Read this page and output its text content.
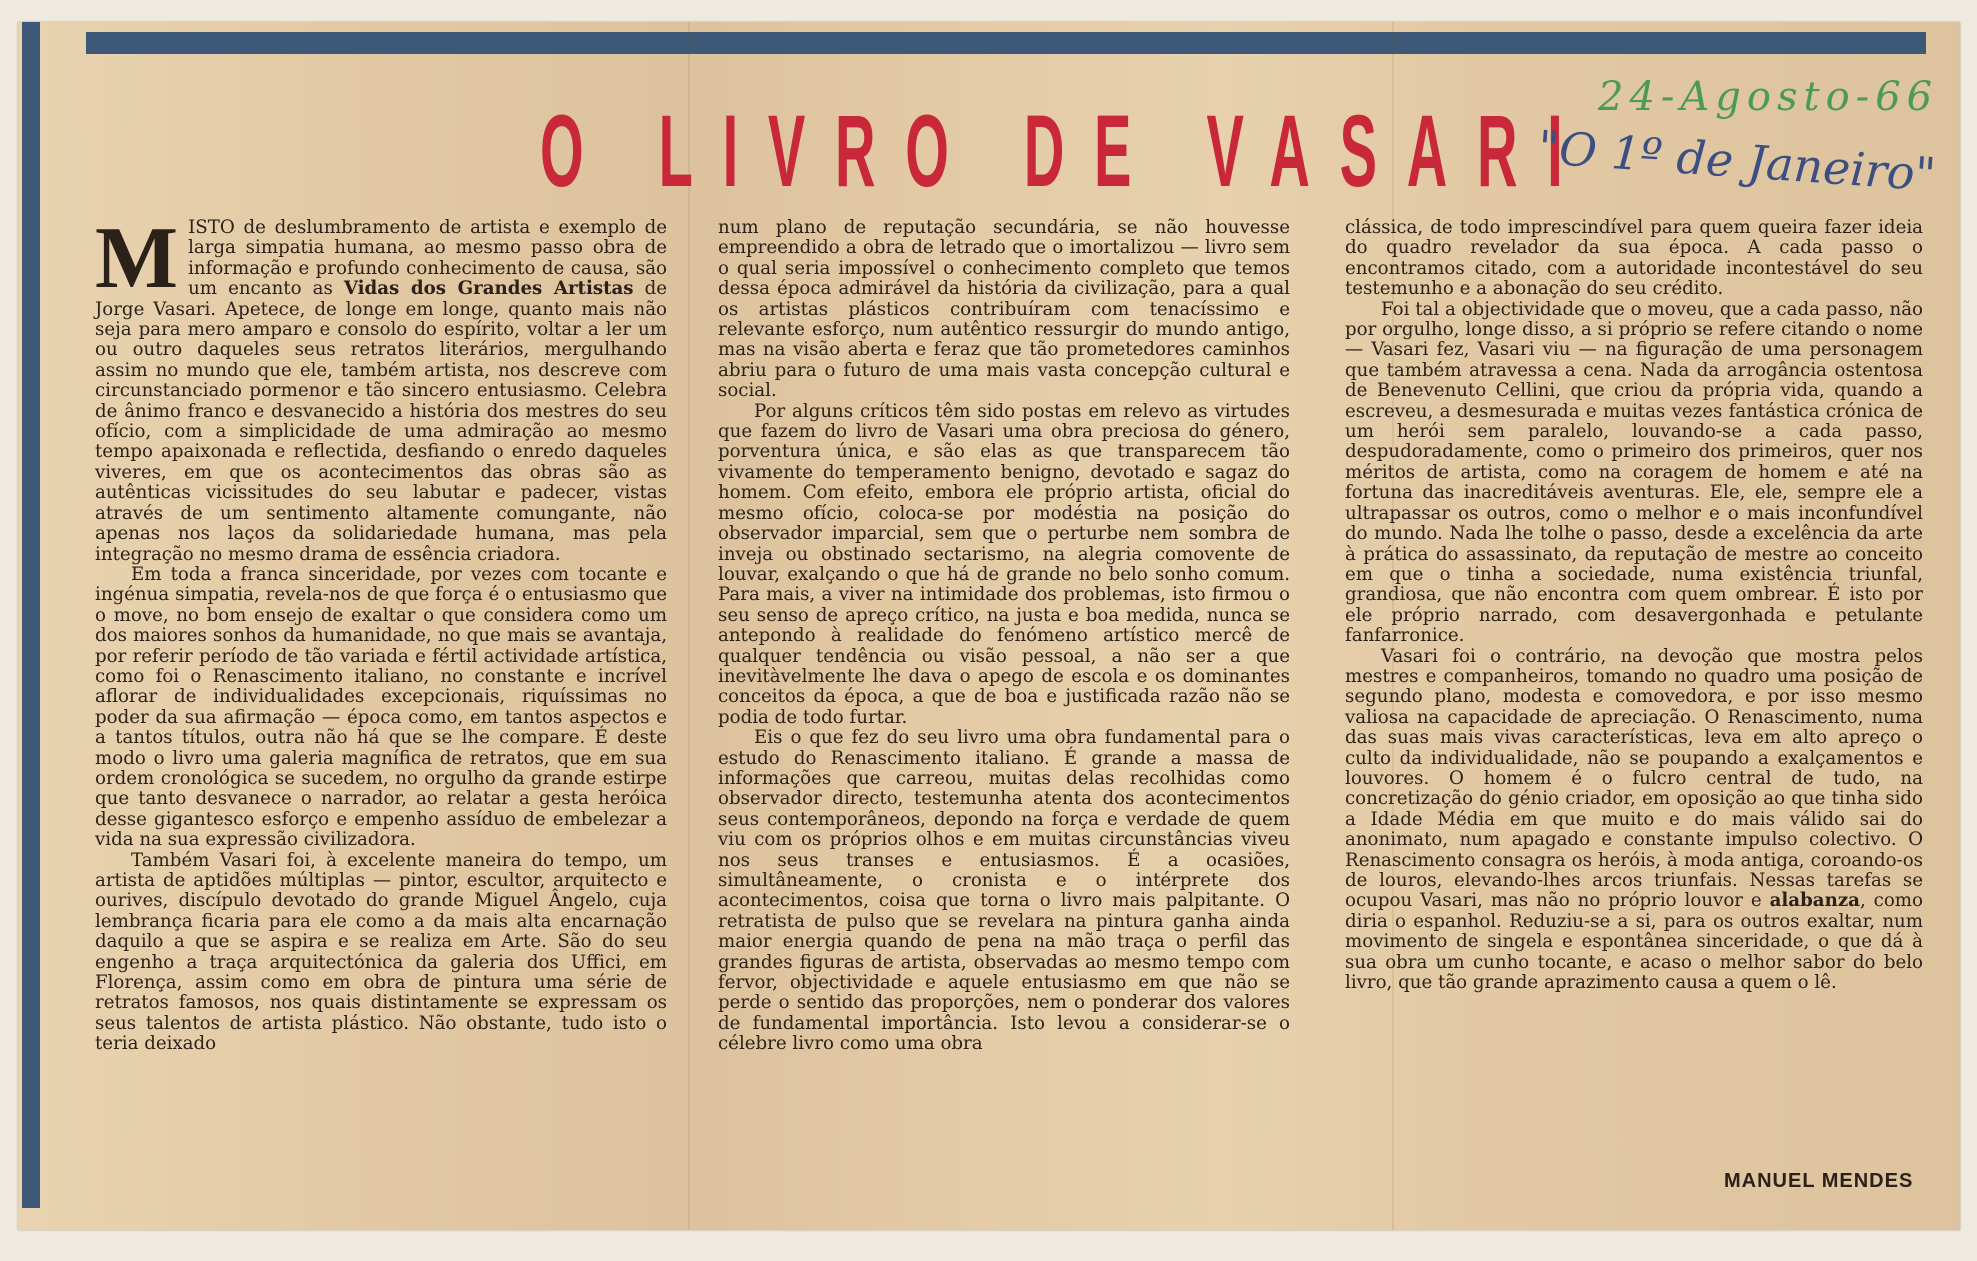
O LIVRO DE VASARI 24-Agosto-66
"O 1º de Janeiro"

MISTO de deslumbramento de artista e exemplo de larga simpatia humana, ao mesmo passo obra de informação e profundo conhecimento de causa, são um encanto as Vidas dos Grandes Artistas de Jorge Vasari. Apetece, de longe em longe, quanto mais não seja para mero amparo e consolo do espírito, voltar a ler um ou outro daqueles seus retratos literários, mergulhando assim no mundo que ele, também artista, nos descreve com circunstanciado pormenor e tão sincero entusiasmo. Celebra de ânimo franco e desvanecido a história dos mestres do seu ofício, com a simplicidade de uma admiração ao mesmo tempo apaixonada e reflectida, desfiando o enredo daqueles viveres, em que os acontecimentos das obras são as autênticas vicissitudes do seu labutar e padecer, vistas através de um sentimento altamente comungante, não apenas nos laços da solidariedade humana, mas pela integração no mesmo drama de essência criadora.

Em toda a franca sinceridade, por vezes com tocante e ingénua simpatia, revela-nos de que força é o entusiasmo que o move, no bom ensejo de exaltar o que considera como um dos maiores sonhos da humanidade, no que mais se avantaja, por referir período de tão variada e fértil actividade artística, como foi o Renascimento italiano, no constante e incrível aflorar de individualidades excepcionais, riquíssimas no poder da sua afirmação — época como, em tantos aspectos e a tantos títulos, outra não há que se lhe compare. É deste modo o livro uma galeria magnífica de retratos, que em sua ordem cronológica se sucedem, no orgulho da grande estirpe que tanto desvanece o narrador, ao relatar a gesta heróica desse gigantesco esforço e empenho assíduo de embelezar a vida na sua expressão civilizadora.

Também Vasari foi, à excelente maneira do tempo, um artista de aptidões múltiplas — pintor, escultor, arquitecto e ourives, discípulo devotado do grande Miguel Ângelo, cuja lembrança ficaria para ele como a da mais alta encarnação daquilo a que se aspira e se realiza em Arte. São do seu engenho a traça arquitectónica da galeria dos Uffici, em Florença, assim como em obra de pintura uma série de retratos famosos, nos quais distintamente se expressam os seus talentos de artista plástico. Não obstante, tudo isto o teria deixado

num plano de reputação secundária, se não houvesse empreendido a obra de letrado que o imortalizou — livro sem o qual seria impossível o conhecimento completo que temos dessa época admirável da história da civilização, para a qual os artistas plásticos contribuíram com tenacíssimo e relevante esforço, num autêntico ressurgir do mundo antigo, mas na visão aberta e feraz que tão prometedores caminhos abriu para o futuro de uma mais vasta concepção cultural e social.

Por alguns críticos têm sido postas em relevo as virtudes que fazem do livro de Vasari uma obra preciosa do género, porventura única, e são elas as que transparecem tão vivamente do temperamento benigno, devotado e sagaz do homem. Com efeito, embora ele próprio artista, oficial do mesmo ofício, coloca-se por modéstia na posição do observador imparcial, sem que o perturbe nem sombra de inveja ou obstinado sectarismo, na alegria comovente de louvar, exalçando o que há de grande no belo sonho comum. Para mais, a viver na intimidade dos problemas, isto firmou o seu senso de apreço crítico, na justa e boa medida, nunca se antepondo à realidade do fenómeno artístico mercê de qualquer tendência ou visão pessoal, a não ser a que inevitàvelmente lhe dava o apego de escola e os dominantes conceitos da época, a que de boa e justificada razão não se podia de todo furtar.

Eis o que fez do seu livro uma obra fundamental para o estudo do Renascimento italiano. É grande a massa de informações que carreou, muitas delas recolhidas como observador directo, testemunha atenta dos acontecimentos seus contemporâneos, depondo na força e verdade de quem viu com os próprios olhos e em muitas circunstâncias viveu nos seus transes e entusiasmos. É a ocasiões, simultâneamente, o cronista e o intérprete dos acontecimentos, coisa que torna o livro mais palpitante. O retratista de pulso que se revelara na pintura ganha ainda maior energia quando de pena na mão traça o perfil das grandes figuras de artista, observadas ao mesmo tempo com fervor, objectividade e aquele entusiasmo em que não se perde o sentido das proporções, nem o ponderar dos valores de fundamental importância. Isto levou a considerar-se o célebre livro como uma obra

clássica, de todo imprescindível para quem queira fazer ideia do quadro revelador da sua época. A cada passo o encontramos citado, com a autoridade incontestável do seu testemunho e a abonação do seu crédito.

Foi tal a objectividade que o moveu, que a cada passo, não por orgulho, longe disso, a si próprio se refere citando o nome — Vasari fez, Vasari viu — na figuração de uma personagem que também atravessa a cena. Nada da arrogância ostentosa de Benevenuto Cellini, que criou da própria vida, quando a escreveu, a desmesurada e muitas vezes fantástica crónica de um herói sem paralelo, louvando-se a cada passo, despudoradamente, como o primeiro dos primeiros, quer nos méritos de artista, como na coragem de homem e até na fortuna das inacreditáveis aventuras. Ele, ele, sempre ele a ultrapassar os outros, como o melhor e o mais inconfundível do mundo. Nada lhe tolhe o passo, desde a excelência da arte à prática do assassinato, da reputação de mestre ao conceito em que o tinha a sociedade, numa existência triunfal, grandiosa, que não encontra com quem ombrear. É isto por ele próprio narrado, com desavergonhada e petulante fanfarronice.

Vasari foi o contrário, na devoção que mostra pelos mestres e companheiros, tomando no quadro uma posição de segundo plano, modesta e comovedora, e por isso mesmo valiosa na capacidade de apreciação. O Renascimento, numa das suas mais vivas características, leva em alto apreço o culto da individualidade, não se poupando a exalçamentos e louvores. O homem é o fulcro central de tudo, na concretização do génio criador, em oposição ao que tinha sido a Idade Média em que muito e do mais válido sai do anonimato, num apagado e constante impulso colectivo. O Renascimento consagra os heróis, à moda antiga, coroando-os de louros, elevando-lhes arcos triunfais. Nessas tarefas se ocupou Vasari, mas não no próprio louvor e alabanza, como diria o espanhol. Reduziu-se a si, para os outros exaltar, num movimento de singela e espontânea sinceridade, o que dá à sua obra um cunho tocante, e acaso o melhor sabor do belo livro, que tão grande aprazimento causa a quem o lê.

MANUEL MENDES
